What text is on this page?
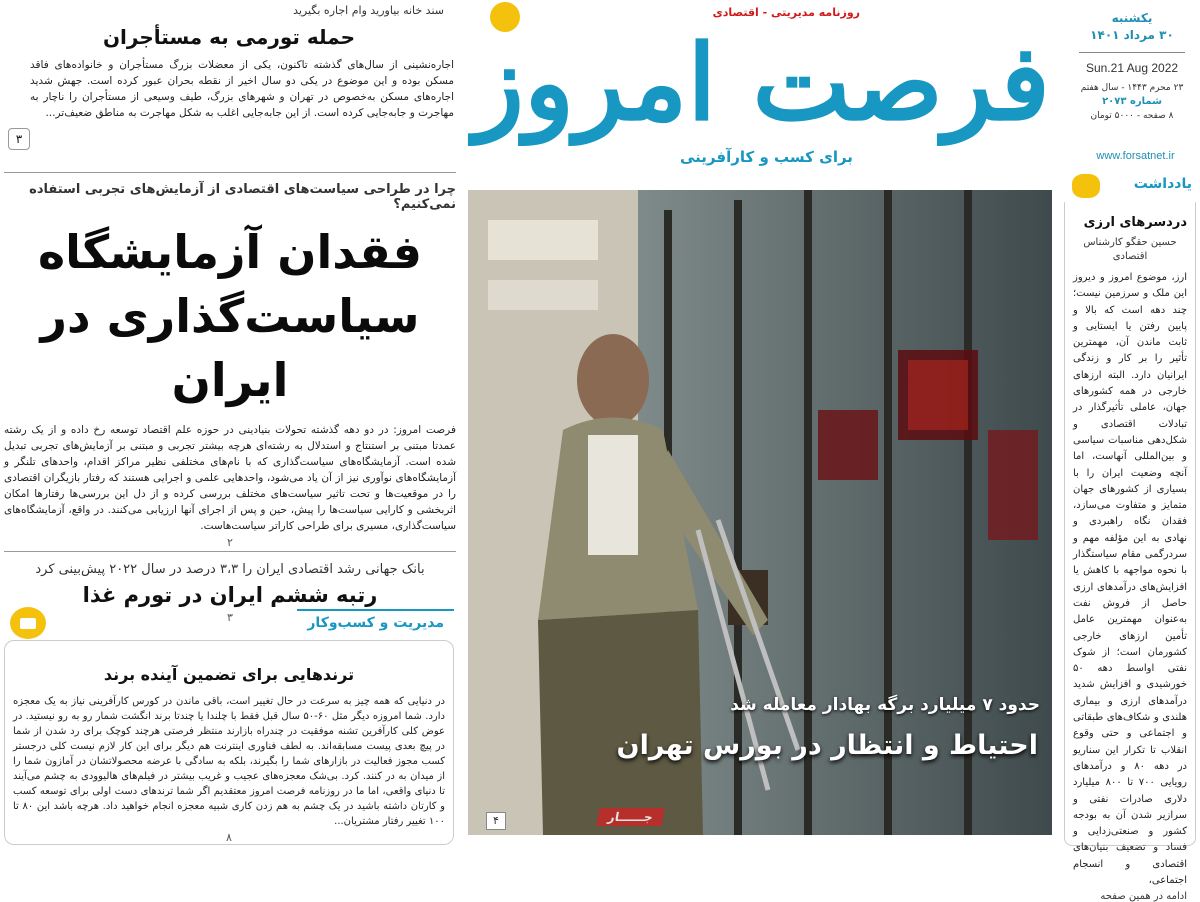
یکشنبه
۳۰ مرداد ۱۴۰۱
Sun.21 Aug 2022
۲۳ محرم ۱۴۴۳ - سال هفتم
شماره ۲۰۷۳
۸ صفحه - ۵۰۰۰ تومان
www.forsatnet.ir
روزنامه مدیریتی - اقتصادی
فرصت امروز
برای کسب و کارآفرینی
سند خانه بیاورید وام اجاره بگیرید
حمله تورمی به مستأجران
اجاره‌نشینی از سال‌های گذشته تاکنون، یکی از معضلات بزرگ مستأجران و خانواده‌های فاقد مسکن بوده و این موضوع در یکی دو سال اخیر از نقطه بحران عبور کرده است. جهش شدید اجاره‌های مسکن به‌خصوص در تهران و شهرهای بزرگ، طیف وسیعی از مستأجران را ناچار به مهاجرت و جابه‌جایی کرده است. از این جابه‌جایی اغلب به شکل مهاجرت به مناطق ضعیف‌تر...
۳
چرا در طراحی سیاست‌های اقتصادی از آزمایش‌های تجربی استفاده نمی‌کنیم؟
فقدان آزمایشگاه
سیاست‌گذاری در ایران
فرصت امروز: در دو دهه گذشته تحولات بنیادینی در حوزه علم اقتصاد توسعه رخ داده و از یک رشته عمدتا مبتنی بر استنتاج و استدلال به رشته‌ای هرچه بیشتر تجربی و مبتنی بر آزمایش‌های تجربی تبدیل شده است. آزمایشگاه‌های سیاست‌گذاری که با نام‌های مختلفی نظیر مراکز اقدام، واحدهای تلنگر و آزمایشگاه‌های نوآوری نیز از آن یاد می‌شود، واحدهایی علمی و اجرایی هستند که رفتار بازیگران اقتصادی را در موقعیت‌ها و تحت تاثیر سیاست‌های مختلف بررسی کرده و از دل این بررسی‌ها رفتارها امکان اثربخشی و کارایی سیاست‌ها را پیش، حین و پس از اجرای آنها ارزیابی می‌کنند. در واقع، آزمایشگاه‌های سیاست‌گذاری، مسیری برای طراحی کاراتر سیاست‌هاست.
۲
بانک جهانی رشد اقتصادی ایران را ۳،۳ درصد در سال ۲۰۲۲ پیش‌بینی کرد
رتبه ششم ایران در تورم غذا
۳
ترندهایی برای تضمین آینده برند
در دنیایی که همه چیز به سرعت در حال تغییر است، باقی ماندن در کورس کارآفرینی نیاز به یک معجزه دارد. شما امروزه دیگر مثل ۶۰-۵۰ سال قبل فقط با چلندا یا چندتا برند انگشت شمار رو به رو نیستید. در عوض کلی کارآفرین تشنه موفقیت در چندراه بازارند منتظر فرصتی هرچند کوچک برای رد شدن از شما در پیچ بعدی پیست مسابقه‌اند. به لطف فناوری اینترنت هم دیگر برای این کار لازم نیست کلی درجستر کسب مجوز فعالیت در بازارهای شما را بگیرند، بلکه به سادگی با عرضه محصولاتشان در آمازون شما را از میدان به در کنند. کرد. بی‌شک معجزه‌های عجیب و غریب بیشتر در فیلم‌های هالیوودی به چشم می‌آیند تا دنیای واقعی، اما ما در روزنامه فرصت امروز معتقدیم اگر شما ترندهای دست اولی برای توسعه کسب و کارتان داشته باشید در یک چشم به هم زدن کاری شبیه معجزه انجام خواهید داد. هرچه باشد این ۸۰ تا ۱۰۰ تغییر رفتار مشتریان...
۸
مدیریت و کسب‌وکار
حدود ۷ میلیارد برگه بهادار معامله شد
احتیاط و انتظار در بورس تهران
۴	جــــــار
دردسرهای ارزی
حسین حقگو کارشناس اقتصادی
ارز، موضوع امروز و دیروز این ملک و سرزمین نیست؛ چند دهه است که بالا و پایین رفتن یا ایستایی و ثابت ماندن آن، مهمترین تأثیر را بر کار و زندگی ایرانیان دارد. البته ارزهای خارجی در همه کشورهای جهان، عاملی تأثیرگذار در تبادلات اقتصادی و شکل‌دهی مناسبات سیاسی و بین‌المللی آنهاست، اما آنچه وضعیت ایران را با بسیاری از کشورهای جهان متمایز و متفاوت می‌سازد، فقدان نگاه راهبردی و نهادی به این مؤلفه مهم و سردرگمی مقام سیاستگذار با نحوه مواجهه با کاهش یا افزایش‌های درآمدهای ارزی حاصل از فروش نفت به‌عنوان مهمترین عامل تأمین ارزهای خارجی کشورمان است؛ از شوک نفتی اواسط دهه ۵۰ خورشیدی و افزایش شدید درآمدهای ارزی و بیماری هلندی و شکاف‌های طبقاتی و اجتماعی و حتی وقوع انقلاب تا تکرار این سناریو در دهه ۸۰ و درآمدهای رویایی ۷۰۰ تا ۸۰۰ میلیارد دلاری صادرات نفتی و سرازیر شدن آن به بودجه کشور و صنعتی‌زدایی و فساد و تضعیف بنیان‌های اقتصادی و انسجام اجتماعی،
ادامه در همین صفحه
یادداشت
